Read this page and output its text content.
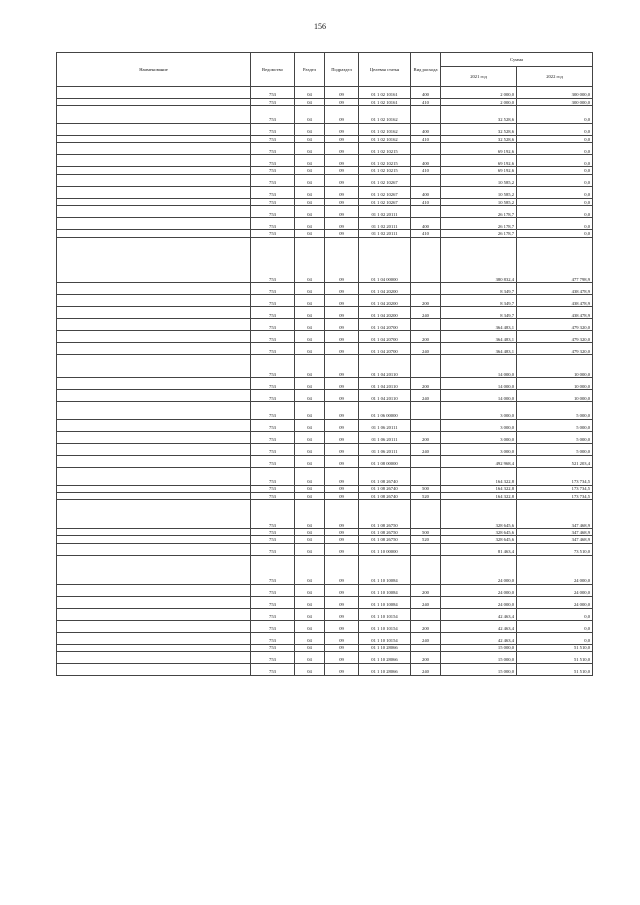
156
Наименование	Ведомство	Раздел	Подраздел	Целевая статья	Вид расхода	Сумма	
						2021 год	2022 год
	753	04	09	01 1 02 10161	400	2 000,0	300 000,0
	753	04	09	01 1 02 10161	410	2 000,0	300 000,0
	753	04	09	01 1 02 10162		32 528,6	0,0
	753	04	09	01 1 02 10162	400	32 528,6	0,0
	753	04	09	01 1 02 10162	410	32 528,6	0,0
	753	04	09	01 1 02 10215		69 192,6	0,0
	753	04	09	01 1 02 10215	400	69 192,6	0,0
	753	04	09	01 1 02 10215	410	69 192,6	0,0
	753	04	09	01 1 02 10267		10 585,2	0,0
	753	04	09	01 1 02 10267	400	10 585,2	0,0
	753	04	09	01 1 02 10267	410	10 585,2	0,0
	753	04	09	01 1 02 20111		26 178,7	0,0
	753	04	09	01 1 02 20111	400	26 178,7	0,0
	753	04	09	01 1 02 20111	410	26 178,7	0,0
	753	04	09	01 1 04 00000		380 832,4	477 798,9
	753	04	09	01 1 04 20200		8 349,7	438 478,9
	753	04	09	01 1 04 20200	200	8 349,7	438 478,9
	753	04	09	01 1 04 20200	240	8 349,7	438 478,9
	753	04	09	01 1 04 20700		364 483,1	479 320,0
	753	04	09	01 1 04 20700	200	364 483,1	479 320,0
	753	04	09	01 1 04 20700	240	364 483,1	479 320,0
	753	04	09	01 1 04 20110		14 000,0	10 000,0
	753	04	09	01 1 04 20110	200	14 000,0	10 000,0
	753	04	09	01 1 04 20110	240	14 000,0	10 000,0
	753	04	09	01 1 06 00000		3 000,0	5 000,0
	753	04	09	01 1 06 20111		3 000,0	5 000,0
	753	04	09	01 1 06 20111	200	3 000,0	5 000,0
	753	04	09	01 1 06 20111	240	3 000,0	5 000,0
	753	04	09	01 1 08 00000		492 968,4	521 203,4
	753	04	09	01 1 08 26740		164 322,8	173 734,5
	753	04	09	01 1 08 26740	500	164 322,8	173 734,5
	753	04	09	01 1 08 26740	520	164 322,8	173 734,5
	753	04	09	01 1 08 26750		328 645,6	347 468,9
	753	04	09	01 1 08 26750	500	328 645,6	347 468,9
	753	04	09	01 1 08 26750	520	328 645,6	347 468,9
	753	04	09	01 1 10 00000		81 463,4	73 510,0
	753	04	09	01 1 10 10084		24 000,0	24 000,0
	753	04	09	01 1 10 10084	200	24 000,0	24 000,0
	753	04	09	01 1 10 10084	240	24 000,0	24 000,0
	753	04	09	01 1 10 10154		42 463,4	0,0
	753	04	09	01 1 10 10154	200	42 463,4	0,0
	753	04	09	01 1 10 10154	240	42 463,4	0,0
	753	04	09	01 1 10 28066		15 000,0	51 510,0
	753	04	09	01 1 10 28066	200	15 000,0	51 510,0
	753	04	09	01 1 10 28066	240	15 000,0	51 510,0
